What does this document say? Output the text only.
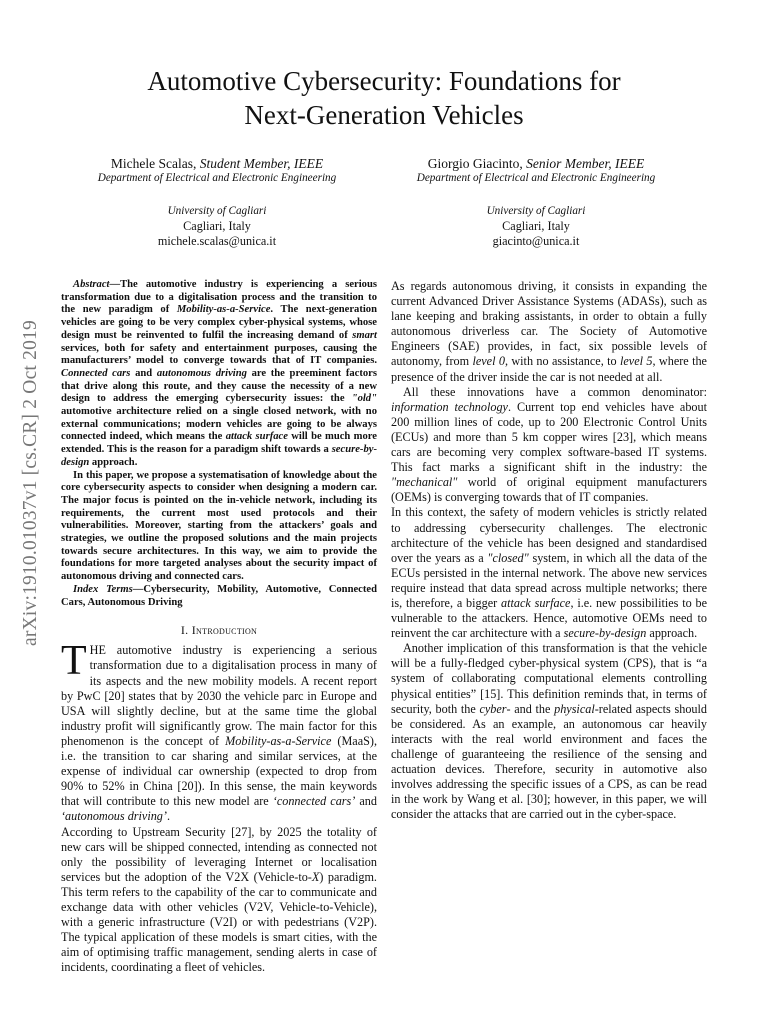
Automotive Cybersecurity: Foundations for
Next-Generation Vehicles
Michele Scalas, Student Member, IEEE
Department of Electrical and Electronic Engineering
University of Cagliari
Cagliari, Italy
michele.scalas@unica.it
Giorgio Giacinto, Senior Member, IEEE
Department of Electrical and Electronic Engineering
University of Cagliari
Cagliari, Italy
giacinto@unica.it
arXiv:1910.01037v1 [cs.CR] 2 Oct 2019

Abstract—The automotive industry is experiencing a serious transformation due to a digitalisation process and the transition to the new paradigm of Mobility-as-a-Service. The next-generation vehicles are going to be very complex cyber-physical systems, whose design must be reinvented to fulfil the increasing demand of smart services, both for safety and entertainment purposes, causing the manufacturers’ model to converge towards that of IT companies. Connected cars and autonomous driving are the preeminent factors that drive along this route, and they cause the necessity of a new design to address the emerging cybersecurity issues: the "old" automotive architecture relied on a single closed network, with no external communications; modern vehicles are going to be always connected indeed, which means the attack surface will be much more extended. This is the reason for a paradigm shift towards a secure-by-design approach.

In this paper, we propose a systematisation of knowledge about the core cybersecurity aspects to consider when designing a modern car. The major focus is pointed on the in-vehicle network, including its requirements, the current most used protocols and their vulnerabilities. Moreover, starting from the attackers’ goals and strategies, we outline the proposed solutions and the main projects towards secure architectures. In this way, we aim to provide the foundations for more targeted analyses about the security impact of autonomous driving and connected cars.

Index Terms—Cybersecurity, Mobility, Automotive, Connected Cars, Autonomous Driving

I. Introduction

THE automotive industry is experiencing a serious transformation due to a digitalisation process in many of its aspects and the new mobility models. A recent report by PwC [20] states that by 2030 the vehicle parc in Europe and USA will slightly decline, but at the same time the global industry profit will significantly grow. The main factor for this phenomenon is the concept of Mobility-as-a-Service (MaaS), i.e. the transition to car sharing and similar services, at the expense of individual car ownership (expected to drop from 90% to 52% in China [20]). In this sense, the main keywords that will contribute to this new model are ‘connected cars’ and ‘autonomous driving’.

According to Upstream Security [27], by 2025 the totality of new cars will be shipped connected, intending as connected not only the possibility of leveraging Internet or localisation services but the adoption of the V2X (Vehicle-to-X) paradigm. This term refers to the capability of the car to communicate and exchange data with other vehicles (V2V, Vehicle-to-Vehicle), with a generic infrastructure (V2I) or with pedestrians (V2P). The typical application of these models is smart cities, with the aim of optimising traffic management, sending alerts in case of incidents, coordinating a fleet of vehicles.

As regards autonomous driving, it consists in expanding the current Advanced Driver Assistance Systems (ADASs), such as lane keeping and braking assistants, in order to obtain a fully autonomous driverless car. The Society of Automotive Engineers (SAE) provides, in fact, six possible levels of autonomy, from level 0, with no assistance, to level 5, where the presence of the driver inside the car is not needed at all.

All these innovations have a common denominator: information technology. Current top end vehicles have about 200 million lines of code, up to 200 Electronic Control Units (ECUs) and more than 5 km copper wires [23], which means cars are becoming very complex software-based IT systems. This fact marks a significant shift in the industry: the "mechanical" world of original equipment manufacturers (OEMs) is converging towards that of IT companies.

In this context, the safety of modern vehicles is strictly related to addressing cybersecurity challenges. The electronic architecture of the vehicle has been designed and standardised over the years as a "closed" system, in which all the data of the ECUs persisted in the internal network. The above new services require instead that data spread across multiple networks; there is, therefore, a bigger attack surface, i.e. new possibilities to be vulnerable to the attackers. Hence, automotive OEMs need to reinvent the car architecture with a secure-by-design approach.

Another implication of this transformation is that the vehicle will be a fully-fledged cyber-physical system (CPS), that is “a system of collaborating computational elements controlling physical entities” [15]. This definition reminds that, in terms of security, both the cyber- and the physical-related aspects should be considered. As an example, an autonomous car heavily interacts with the real world environment and faces the challenge of guaranteeing the resilience of the sensing and actuation devices. Therefore, security in automotive also involves addressing the specific issues of a CPS, as can be read in the work by Wang et al. [30]; however, in this paper, we will consider the attacks that are carried out in the cyber-space.
